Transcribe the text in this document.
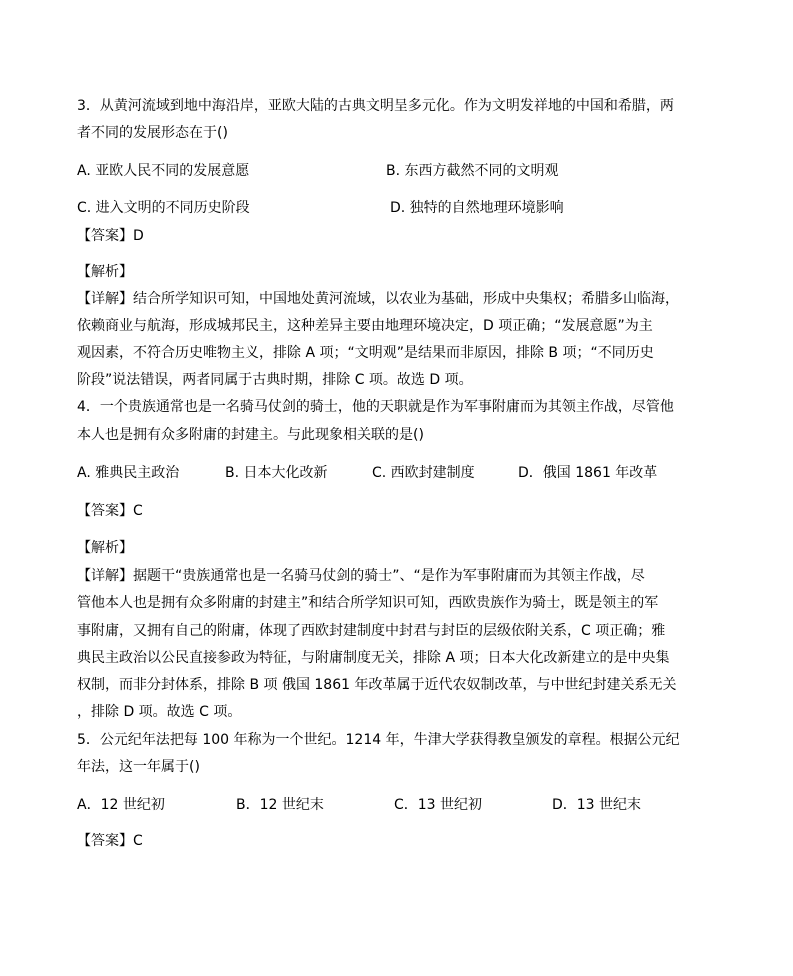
3．从黄河流域到地中海沿岸，亚欧大陆的古典文明呈多元化。作为文明发祥地的中国和希腊，两
者不同的发展形态在于()
A. 亚欧人民不同的发展意愿	B. 东西方截然不同的文明观
C. 进入文明的不同历史阶段	D. 独特的自然地理环境影响
【答案】D
【解析】
【详解】结合所学知识可知，中国地处黄河流域，以农业为基础，形成中央集权；希腊多山临海，
依赖商业与航海，形成城邦民主，这种差异主要由地理环境决定，D 项正确；“发展意愿”为主
观因素，不符合历史唯物主义，排除 A 项；“文明观”是结果而非原因，排除 B 项；“不同历史
阶段”说法错误，两者同属于古典时期，排除 C 项。故选 D 项。
4．一个贵族通常也是一名骑马仗剑的骑士，他的天职就是作为军事附庸而为其领主作战，尽管他
本人也是拥有众多附庸的封建主。与此现象相关联的是()
A. 雅典民主政治	B. 日本大化改新	C. 西欧封建制度	D．俄国 1861 年改革
【答案】C
【解析】
【详解】据题干“贵族通常也是一名骑马仗剑的骑士”、“是作为军事附庸而为其领主作战，尽
管他本人也是拥有众多附庸的封建主”和结合所学知识可知，西欧贵族作为骑士，既是领主的军
事附庸，又拥有自己的附庸，体现了西欧封建制度中封君与封臣的层级依附关系，C 项正确；雅
典民主政治以公民直接参政为特征，与附庸制度无关，排除 A 项；日本大化改新建立的是中央集
权制，而非分封体系，排除 B 项 俄国 1861 年改革属于近代农奴制改革，与中世纪封建关系无关
，排除 D 项。故选 C 项。
5．公元纪年法把每 100 年称为一个世纪。1214 年，牛津大学获得教皇颁发的章程。根据公元纪
年法，这一年属于()
A．12 世纪初	B．12 世纪末	C．13 世纪初	D．13 世纪末
【答案】C
